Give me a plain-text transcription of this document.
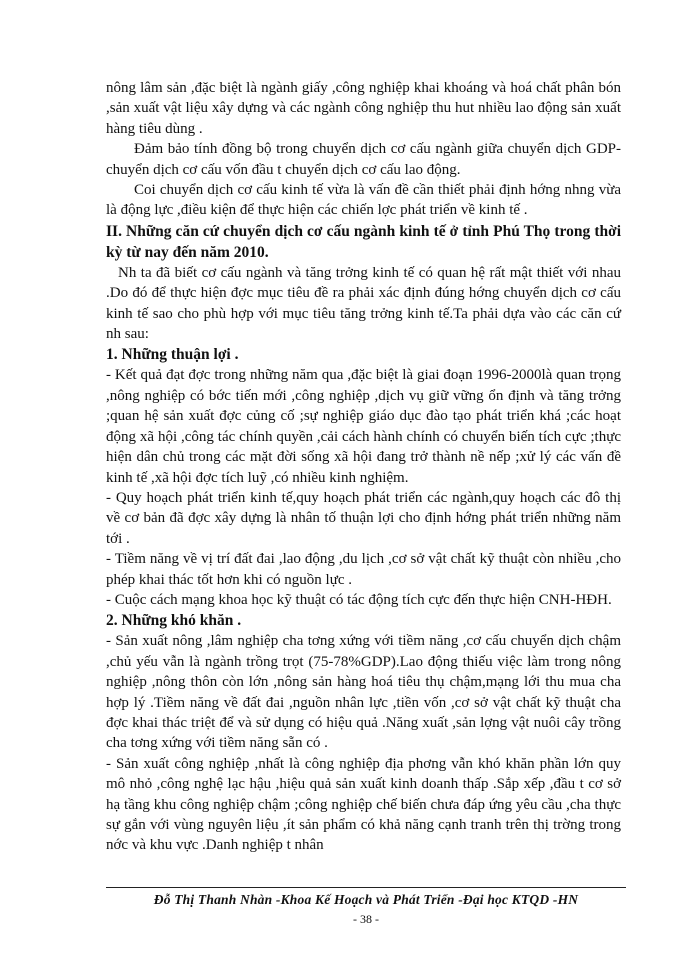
nông lâm sản ,đặc biệt là ngành giấy ,công nghiệp khai khoáng và hoá chất phân bón ,sản xuất vật liệu xây dựng và các ngành công nghiệp thu hut nhiều lao động sản xuất hàng tiêu dùng .

Đảm bảo tính đồng bộ trong chuyển dịch cơ cấu ngành giữa chuyển dịch GDP-chuyển dịch cơ cấu vốn đầu t chuyển dịch cơ cấu lao động.

Coi chuyển dịch cơ cấu kinh tế vừa là vấn đề cần thiết phải định hớng nhng vừa là động lực ,điều kiện để thực hiện các chiến lợc phát triển về kinh tế .

II. Những căn cứ chuyển dịch cơ cấu ngành kinh tế ở tỉnh Phú Thọ trong thời kỳ từ nay đến năm 2010.

Nh ta đã biết cơ cấu ngành và tăng trởng kinh tế có quan hệ rất mật thiết với nhau .Do đó để thực hiện đợc mục tiêu đề ra phải xác định đúng hớng chuyển dịch cơ cấu kinh tế sao cho phù hợp với mục tiêu tăng trởng kinh tế.Ta phải dựa vào các căn cứ nh sau:

1. Những thuận lợi .

- Kết quả đạt đợc trong những năm qua ,đặc biệt là giai đoạn 1996-2000là quan trọng ,nông nghiệp có bớc tiến mới ,công nghiệp ,dịch vụ giữ vững ổn định và tăng trởng ;quan hệ sản xuất đợc củng cố ;sự nghiệp giáo dục đào tạo phát triển khá ;các hoạt động xã hội ,công tác chính quyền ,cải cách hành chính có chuyển biến tích cực ;thực hiện dân chủ trong các mặt đời sống xã hội đang trở thành nề nếp ;xử lý các vấn đề kinh tế ,xã hội đợc tích luỹ ,có nhiều kinh nghiệm.

- Quy hoạch phát triển kinh tế,quy hoạch phát triển các ngành,quy hoạch các đô thị về cơ bản đã đợc xây dựng là nhân tố thuận lợi cho định hớng phát triển những năm tới .

- Tiềm năng về vị trí đất đai ,lao động ,du lịch ,cơ sở vật chất kỹ thuật còn nhiều ,cho phép khai thác tốt hơn khi có nguồn lực .

- Cuộc cách mạng khoa học kỹ thuật có tác động tích cực đến thực hiện CNH-HĐH.

2. Những khó khăn .

- Sản xuất nông ,lâm nghiệp cha tơng xứng với tiềm năng ,cơ cấu chuyển dịch chậm ,chủ yếu vẫn là ngành trồng trọt (75-78%GDP).Lao động thiếu việc làm trong nông nghiệp ,nông thôn còn lớn ,nông sản hàng hoá tiêu thụ chậm,mạng lới thu mua cha hợp lý .Tiềm năng về đất đai ,nguồn nhân lực ,tiền vốn ,cơ sở vật chất kỹ thuật cha đợc khai thác triệt để và sử dụng có hiệu quả .Năng xuất ,sản lợng vật nuôi cây trồng cha tơng xứng với tiềm năng sẵn có .

- Sản xuất công nghiệp ,nhất là công nghiệp địa phơng vẫn khó khăn phần lớn quy mô nhỏ ,công nghệ lạc hậu ,hiệu quả sản xuất kinh doanh thấp .Sắp xếp ,đầu t cơ sở hạ tầng khu công nghiệp chậm ;công nghiệp chế biến chưa đáp ứng yêu cầu ,cha thực sự gắn với vùng nguyên liệu ,ít sản phẩm có khả năng cạnh tranh trên thị trờng trong nớc và khu vực .Danh nghiệp t nhân

Đỗ Thị Thanh Nhàn -Khoa Kế Hoạch và Phát Triển -Đại học KTQD -HN
- 38 -
